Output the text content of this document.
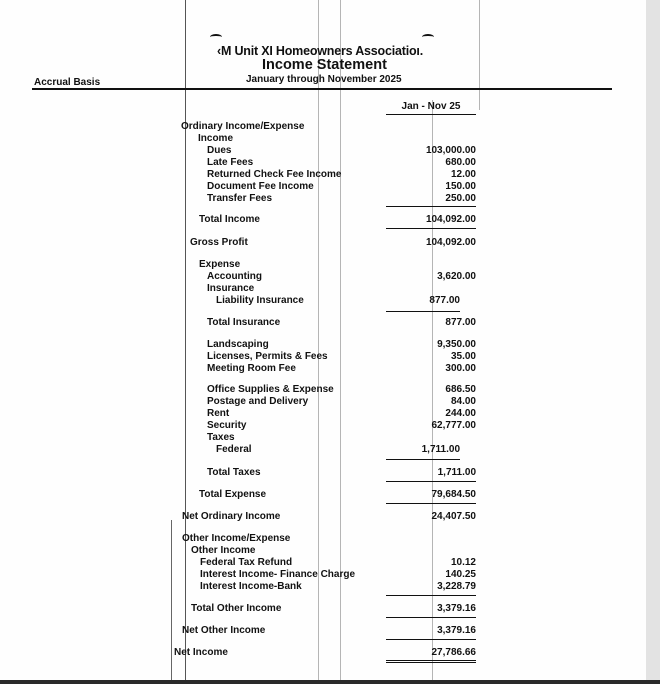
‹M Unit XI Homeowners Associatioı.
Income Statement
January through November 2025
Accrual Basis
Jan - Nov 25
Ordinary Income/Expense
Income
Dues	103,000.00
Late Fees	680.00
Returned Check Fee Income	12.00
Document Fee Income	150.00
Transfer Fees	250.00
Total Income	104,092.00
Gross Profit	104,092.00
Expense
Accounting	3,620.00
Insurance
Liability Insurance	877.00
Total Insurance	877.00
Landscaping	9,350.00
Licenses, Permits & Fees	35.00
Meeting Room Fee	300.00
Office Supplies & Expense	686.50
Postage and Delivery	84.00
Rent	244.00
Security	62,777.00
Taxes
Federal	1,711.00
Total Taxes	1,711.00
Total Expense	79,684.50
Net Ordinary Income	24,407.50
Other Income/Expense
Other Income
Federal Tax Refund	10.12
Interest Income- Finance Charge	140.25
Interest Income-Bank	3,228.79
Total Other Income	3,379.16
Net Other Income	3,379.16
Net Income	27,786.66
